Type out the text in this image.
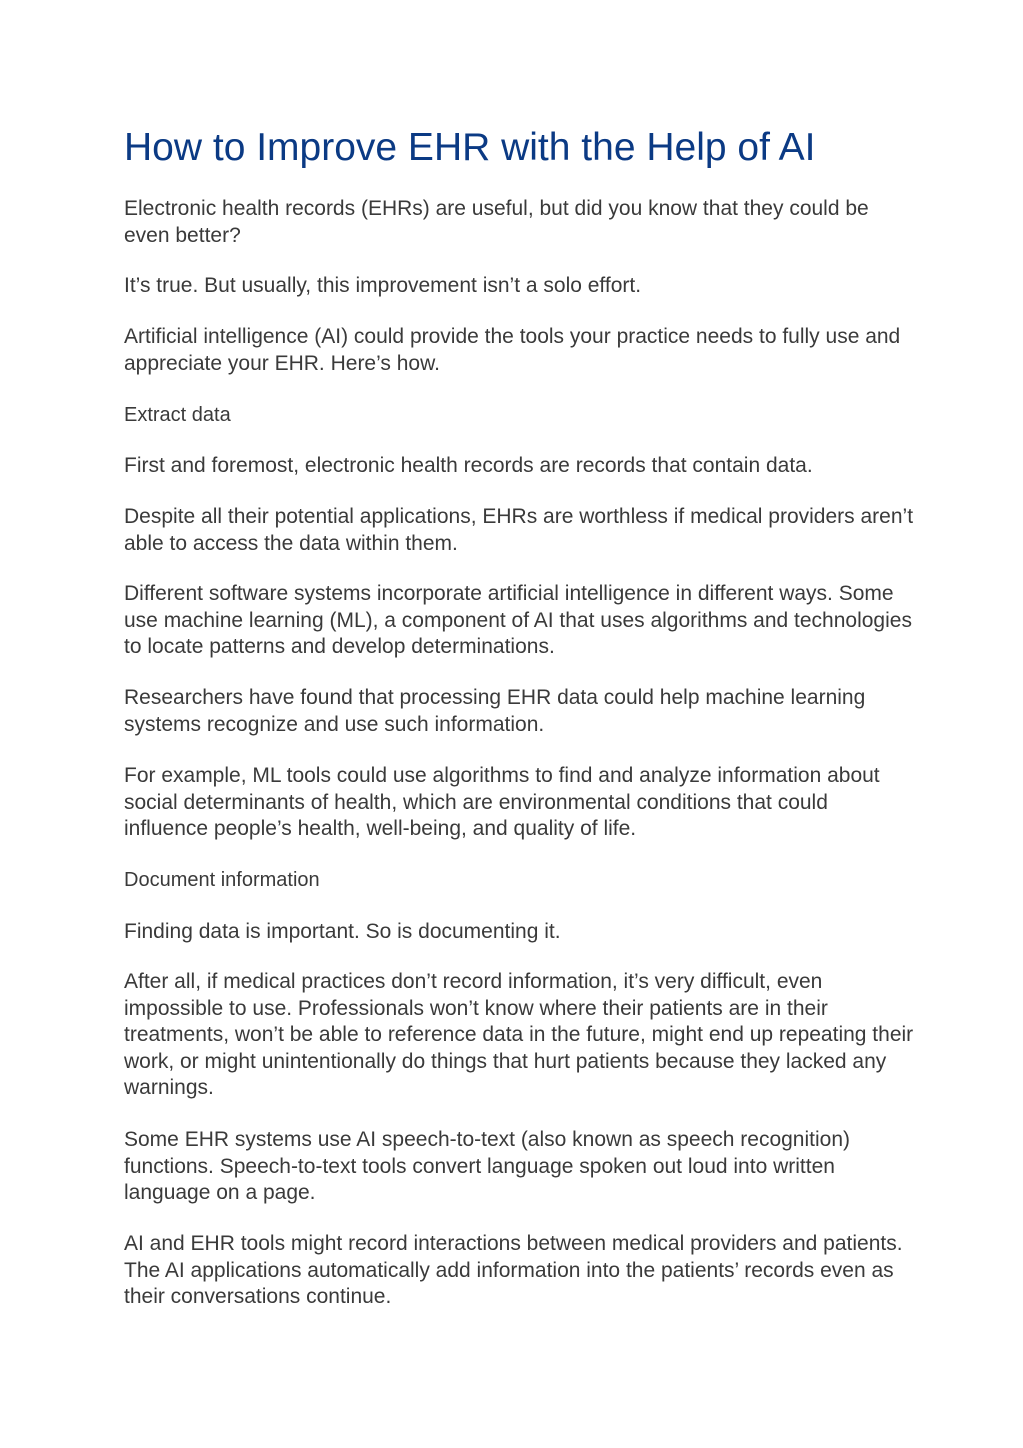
How to Improve EHR with the Help of AI

Electronic health records (EHRs) are useful, but did you know that they could be even better?

It’s true. But usually, this improvement isn’t a solo effort.

Artificial intelligence (AI) could provide the tools your practice needs to fully use and appreciate your EHR. Here’s how.

Extract data

First and foremost, electronic health records are records that contain data.

Despite all their potential applications, EHRs are worthless if medical providers aren’t able to access the data within them.

Different software systems incorporate artificial intelligence in different ways. Some use machine learning (ML), a component of AI that uses algorithms and technologies to locate patterns and develop determinations.

Researchers have found that processing EHR data could help machine learning systems recognize and use such information.

For example, ML tools could use algorithms to find and analyze information about social determinants of health, which are environmental conditions that could influence people’s health, well-being, and quality of life.

Document information

Finding data is important. So is documenting it.

After all, if medical practices don’t record information, it’s very difficult, even impossible to use. Professionals won’t know where their patients are in their treatments, won’t be able to reference data in the future, might end up repeating their work, or might unintentionally do things that hurt patients because they lacked any warnings.

Some EHR systems use AI speech-to-text (also known as speech recognition) functions. Speech-to-text tools convert language spoken out loud into written language on a page.

AI and EHR tools might record interactions between medical providers and patients. The AI applications automatically add information into the patients’ records even as their conversations continue.
